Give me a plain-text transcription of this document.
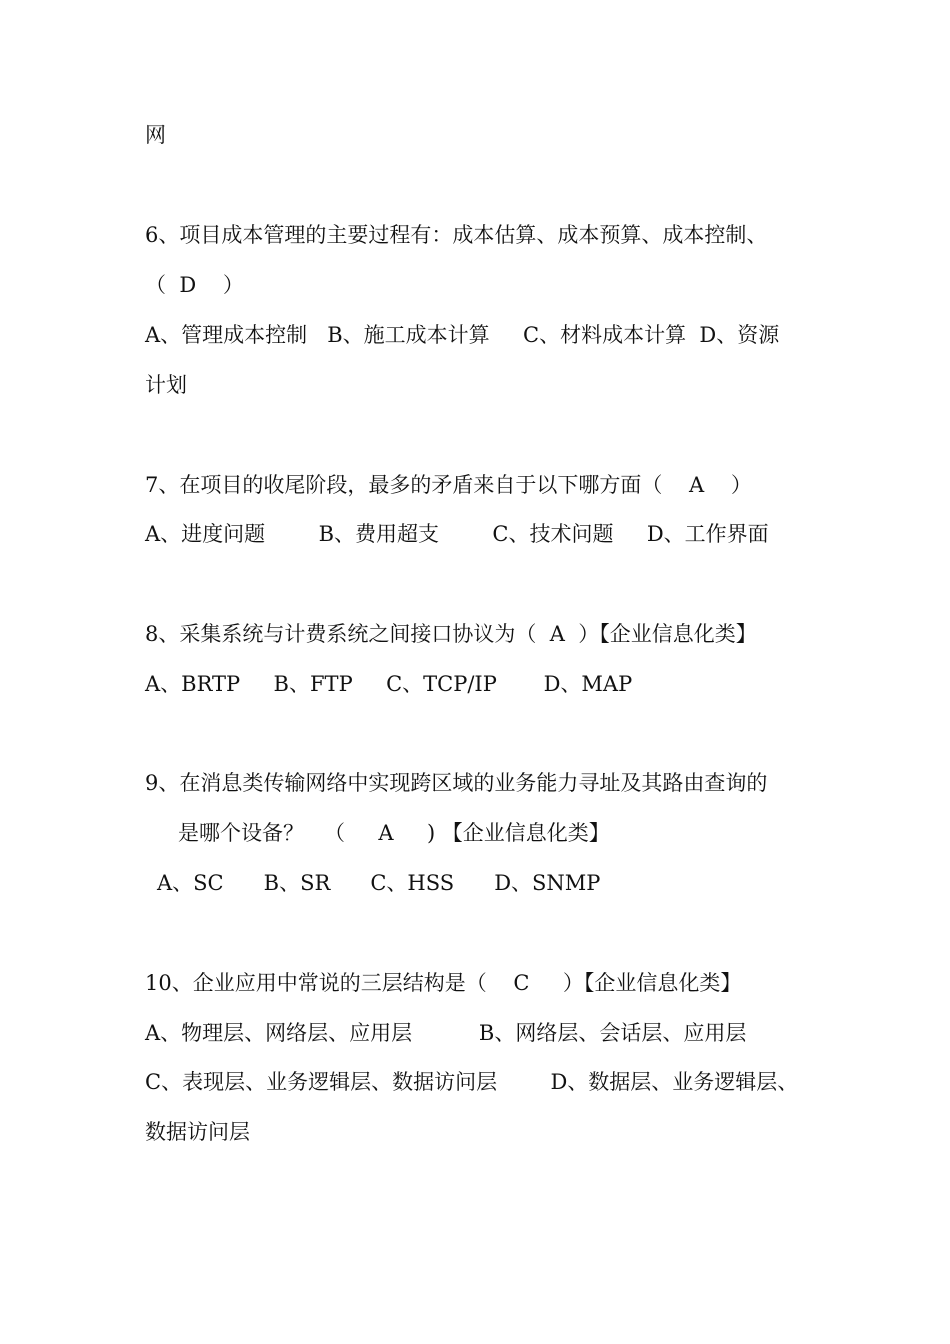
网

6、项目成本管理的主要过程有：成本估算、成本预算、成本控制、

（  D    ）

A、管理成本控制   B、施工成本计算     C、材料成本计算  D、资源

计划

7、在项目的收尾阶段，最多的矛盾来自于以下哪方面（    A    ）

A、进度问题        B、费用超支        C、技术问题     D、工作界面

8、采集系统与计费系统之间接口协议为（  A  ）【企业信息化类】

A、BRTP     B、FTP     C、TCP/IP       D、MAP

9、在消息类传输网络中实现跨区域的业务能力寻址及其路由查询的

是哪个设备？   （     A     ) 【企业信息化类】

A、SC      B、SR      C、HSS      D、SNMP

10、企业应用中常说的三层结构是（    C     ）【企业信息化类】

A、物理层、网络层、应用层          B、网络层、会话层、应用层

C、表现层、业务逻辑层、数据访问层        D、数据层、业务逻辑层、

数据访问层
